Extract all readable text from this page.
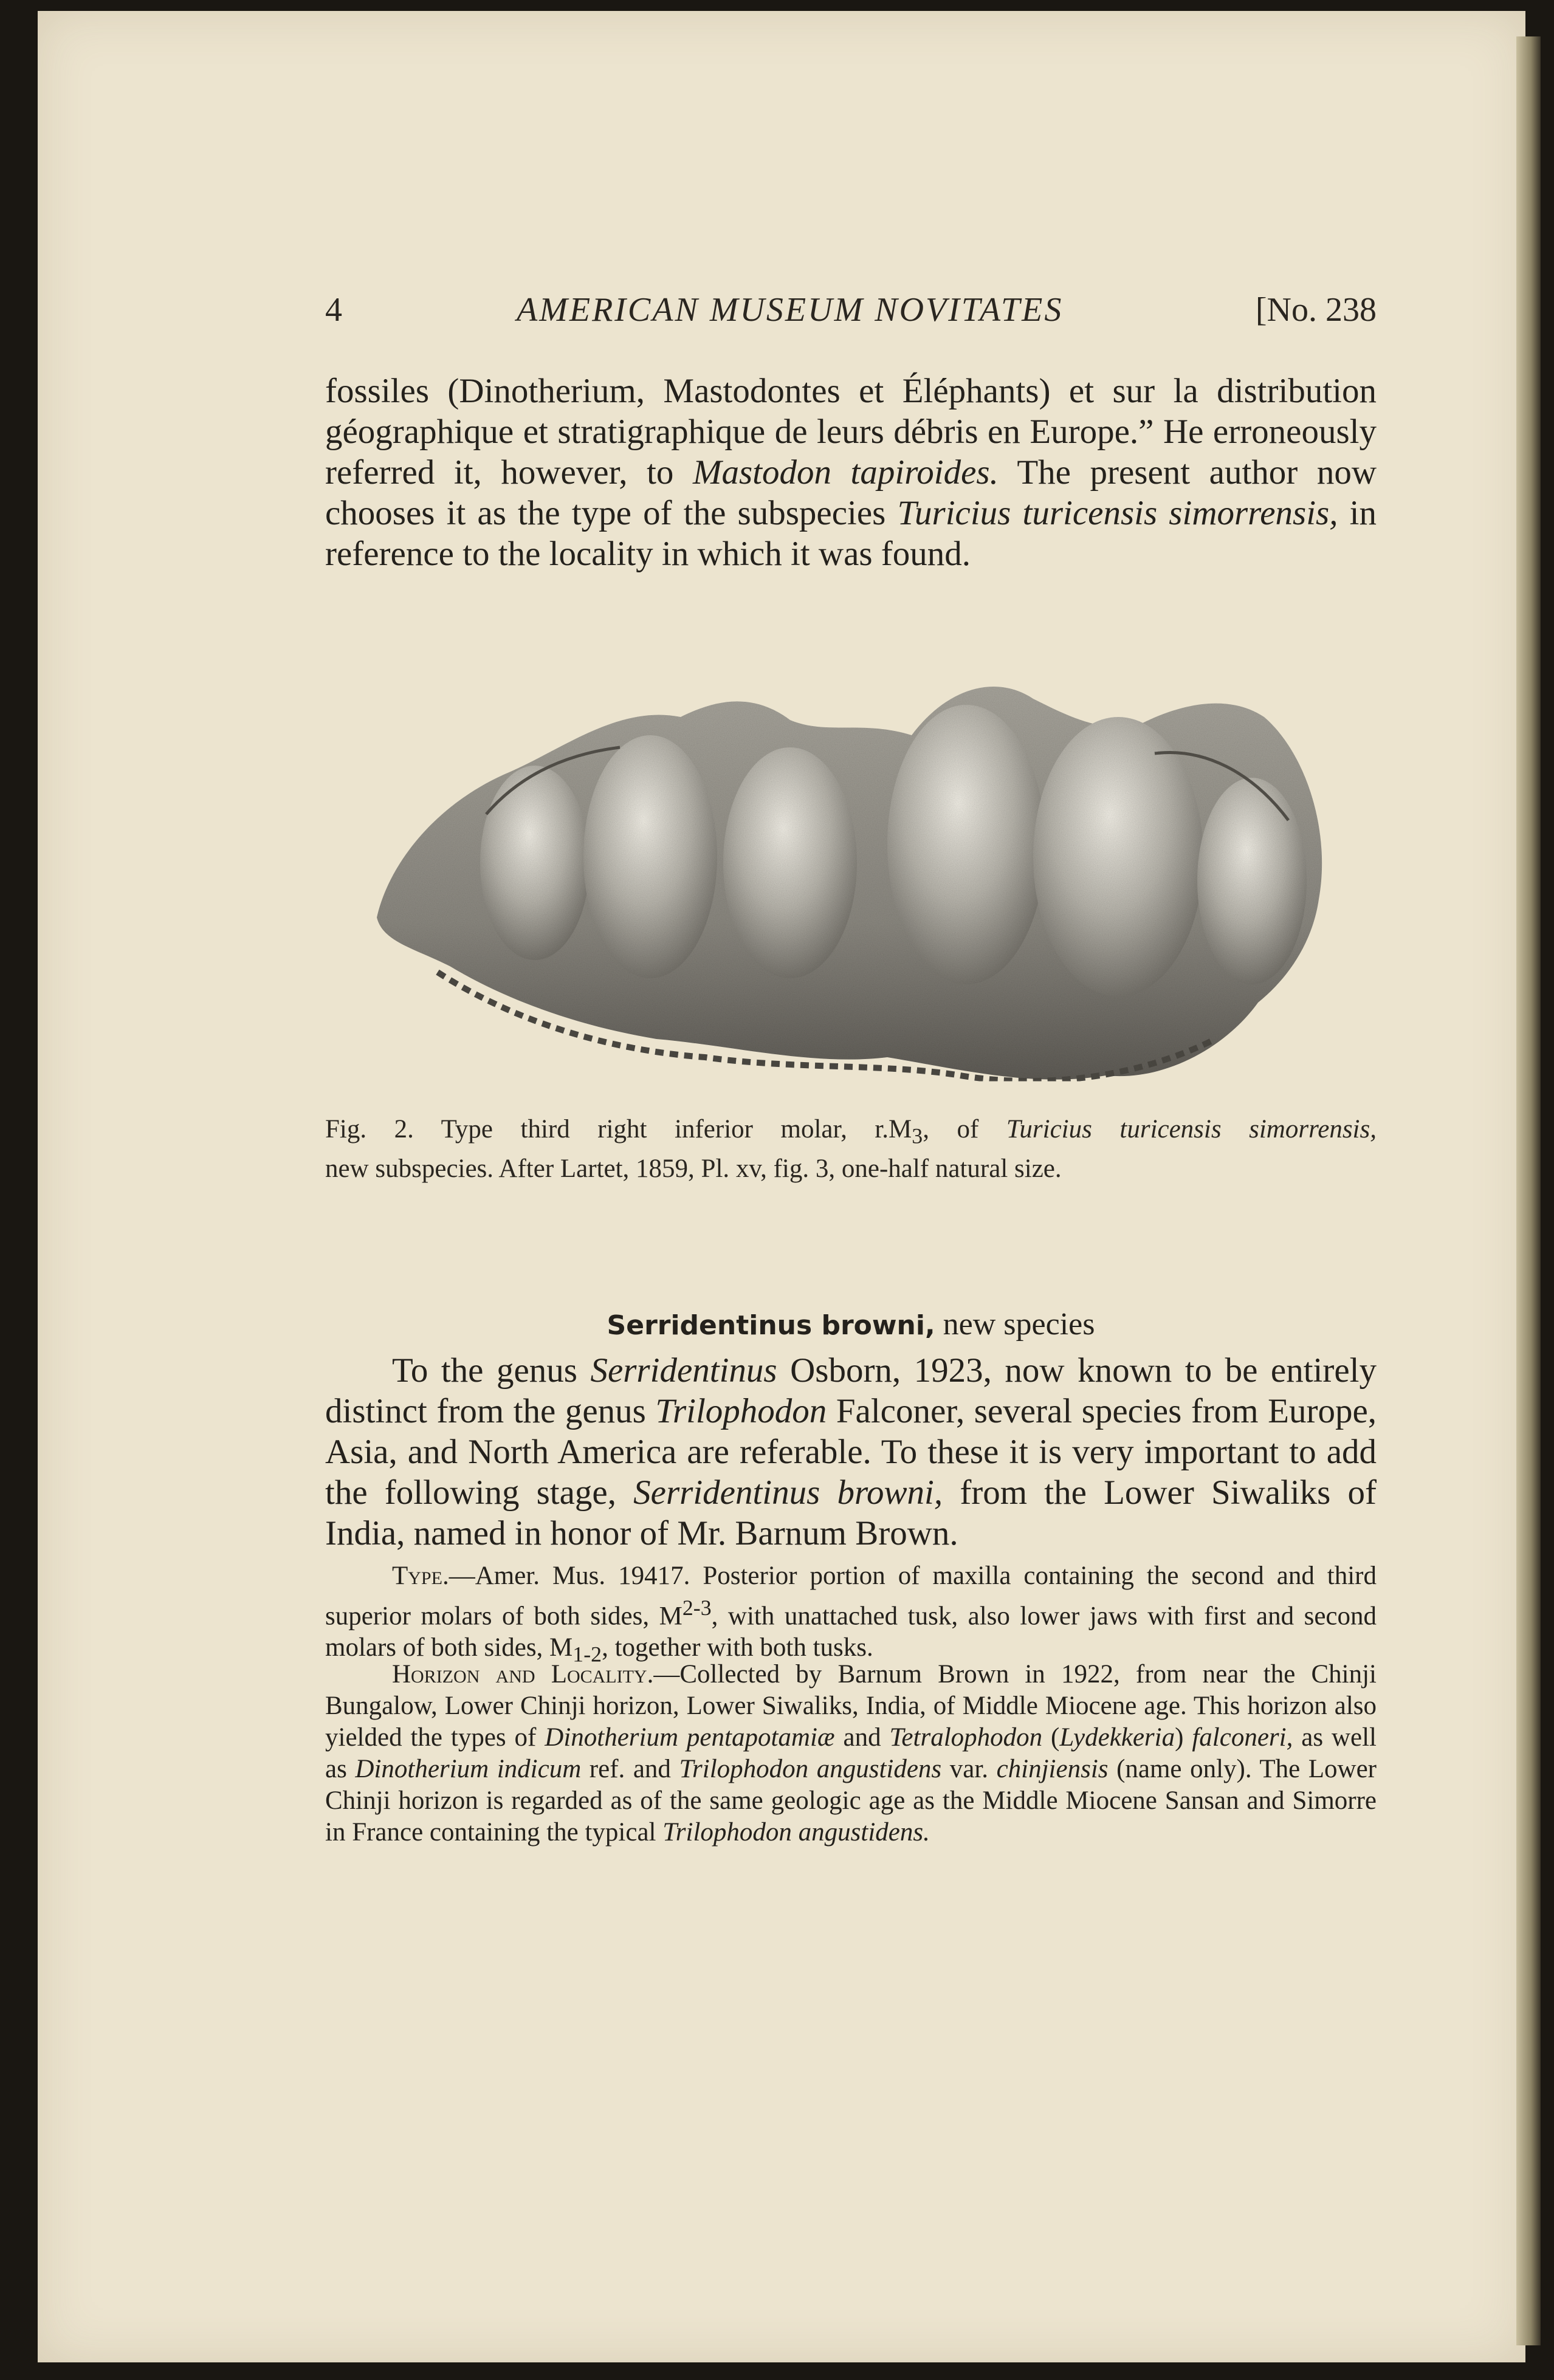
4	AMERICAN MUSEUM NOVITATES	[No. 238

fossiles (Dinotherium, Mastodontes et Éléphants) et sur la distribution géographique et stratigraphique de leurs débris en Europe.” He erroneously referred it, however, to Mastodon tapiroides. The present author now chooses it as the type of the subspecies Turicius turicensis simorrensis, in reference to the locality in which it was found.

Fig. 2. Type third right inferior molar, $r.M_3$, of Turicius turicensis simorrensis,
new subspecies. After Lartet, 1859, Pl. xv, fig. 3, one-half natural size.
Serridentinus browni, new species

To the genus Serridentinus Osborn, 1923, now known to be entirely distinct from the genus Trilophodon Falconer, several species from Europe, Asia, and North America are referable. To these it is very important to add the following stage, Serridentinus browni, from the Lower Siwaliks of India, named in honor of Mr. Barnum Brown.

Type.—Amer. Mus. 19417. Posterior portion of maxilla containing the second and third superior molars of both sides, $M^{2-3}$, with unattached tusk, also lower jaws with first and second molars of both sides, $M_{1-2}$, together with both tusks.

Horizon and Locality.—Collected by Barnum Brown in 1922, from near the Chinji Bungalow, Lower Chinji horizon, Lower Siwaliks, India, of Middle Miocene age. This horizon also yielded the types of Dinotherium pentapotamiæ and Tetralophodon (Lydekkeria) falconeri, as well as Dinotherium indicum ref. and Trilophodon angustidens var. chinjiensis (name only). The Lower Chinji horizon is regarded as of the same geologic age as the Middle Miocene Sansan and Simorre in France containing the typical Trilophodon angustidens.
